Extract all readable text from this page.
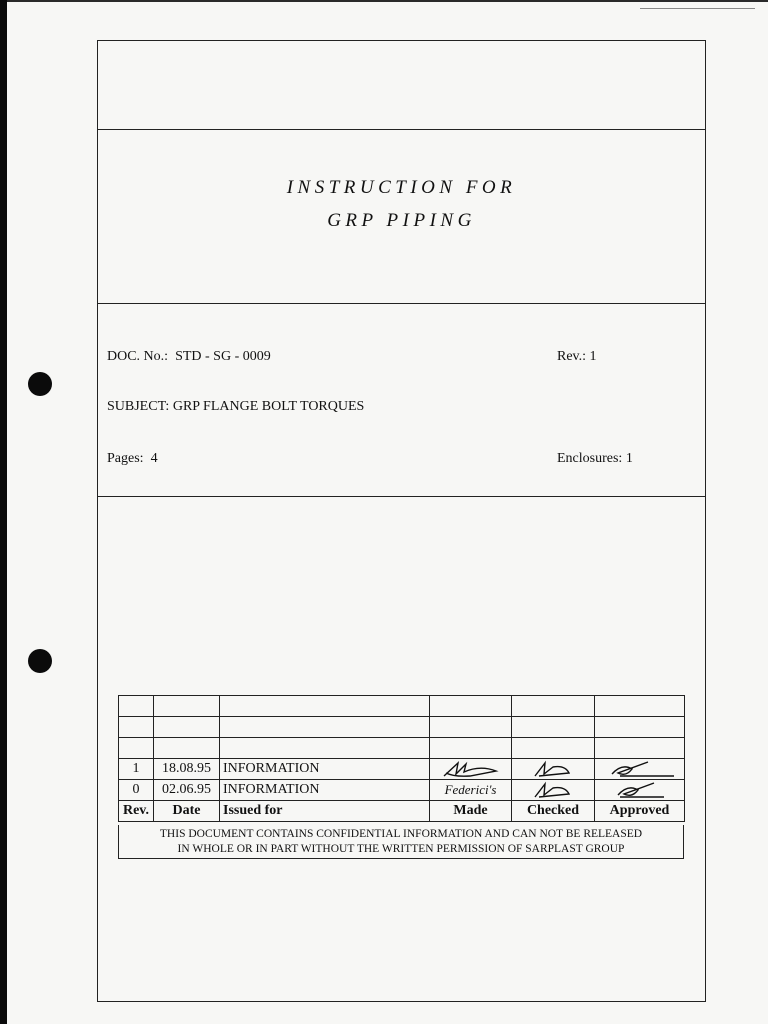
INSTRUCTION FOR
GRP PIPING
DOC. No.: STD - SG - 0009	Rev.: 1
SUBJECT: GRP FLANGE BOLT TORQUES
Pages: 4	Enclosures: 1

1	18.08.95	INFORMATION	

0	02.06.95	INFORMATION	Federici's	

Rev.	Date	Issued for	Made	Checked	Approved
THIS DOCUMENT CONTAINS CONFIDENTIAL INFORMATION AND CAN NOT BE RELEASED
IN WHOLE OR IN PART WITHOUT THE WRITTEN PERMISSION OF SARPLAST GROUP
